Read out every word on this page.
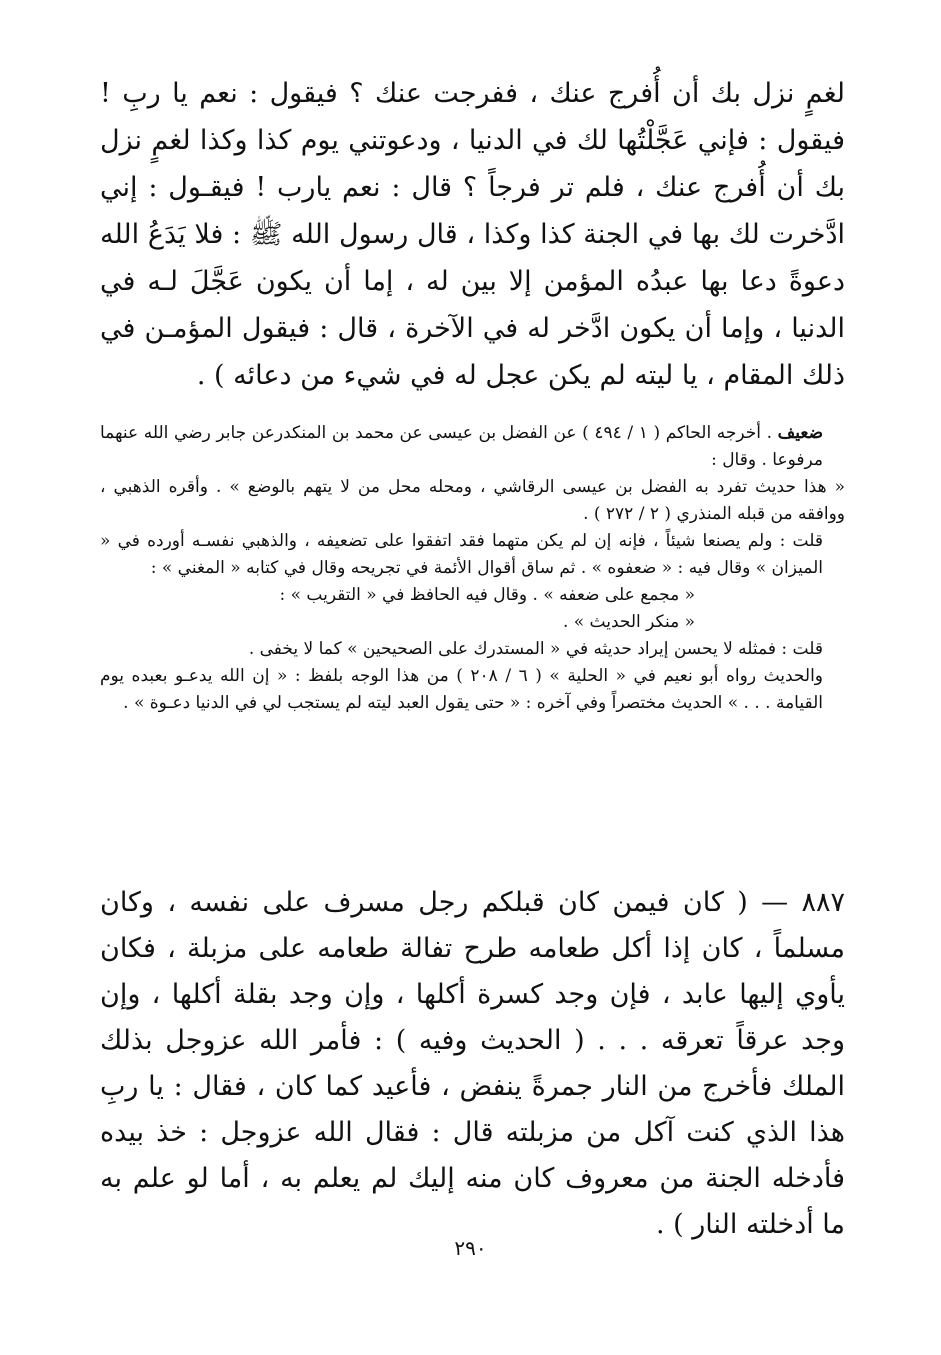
لغمٍ نزل بك أن أُفرج عنك ، ففرجت عنك ؟ فيقول : نعم يا ربِ ! فيقول : فإني عَجَّلْتُها لك في الدنيا ، ودعوتني يوم كذا وكذا لغمٍ نزل بك أن أُفرج عنك ، فلم تر فرجاً ؟ قال : نعم يارب ! فيقـول : إني ادَّخرت لك بها في الجنة كذا وكذا ، قال رسول الله ﷺ : فلا يَدَعُ الله دعوةً دعا بها عبدُه المؤمن إلا بين له ، إما أن يكون عَجَّلَ لـه في الدنيا ، وإما أن يكون ادَّخر له في الآخرة ، قال : فيقول المؤمـن في ذلك المقام ، يا ليته لم يكن عجل له في شيء من دعائه ) .

ضعيف . أخرجه الحاكم ( ١ / ٤٩٤ ) عن الفضل بن عيسى عن محمد بن المنكدرعن جابر رضي الله عنهما مرفوعا . وقال :

« هذا حديث تفرد به الفضل بن عيسى الرقاشي ، ومحله محل من لا يتهم بالوضع » . وأقره الذهبي ، ووافقه من قبله المنذري ( ٢ / ٢٧٢ ) .

قلت : ولم يصنعا شيئاً ، فإنه إن لم يكن متهما فقد اتفقوا على تضعيفه ، والذهبي نفسـه أورده في « الميزان » وقال فيه : « ضعفوه » . ثم ساق أقوال الأئمة في تجريحه وقال في كتابه « المغني » :

« مجمع على ضعفه » . وقال فيه الحافظ في « التقريب » :

« منكر الحديث » .

قلت : فمثله لا يحسن إيراد حديثه في « المستدرك على الصحيحين » كما لا يخفى .

والحديث رواه أبو نعيم في « الحلية » ( ٦ / ٢٠٨ ) من هذا الوجه بلفظ : « إن الله يدعـو بعبده يوم القيامة . . . » الحديث مختصراً وفي آخره : « حتى يقول العبد ليته لم يستجب لي في الدنيا دعـوة » .

٨٨٧ — ( كان فيمن كان قبلكم رجل مسرف على نفسه ، وكان مسلماً ، كان إذا أكل طعامه طرح تفالة طعامه على مزبلة ، فكان يأوي إليها عابد ، فإن وجد كسرة أكلها ، وإن وجد بقلة أكلها ، وإن وجد عرقاً تعرقه . . . ( الحديث وفيه ) : فأمر الله عزوجل بذلك الملك فأخرج من النار جمرةً ينفض ، فأعيد كما كان ، فقال : يا ربِ هذا الذي كنت آكل من مزبلته قال : فقال الله عزوجل : خذ بيده فأدخله الجنة من معروف كان منه إليك لم يعلم به ، أما لو علم به ما أدخلته النار ) .
٢٩٠
